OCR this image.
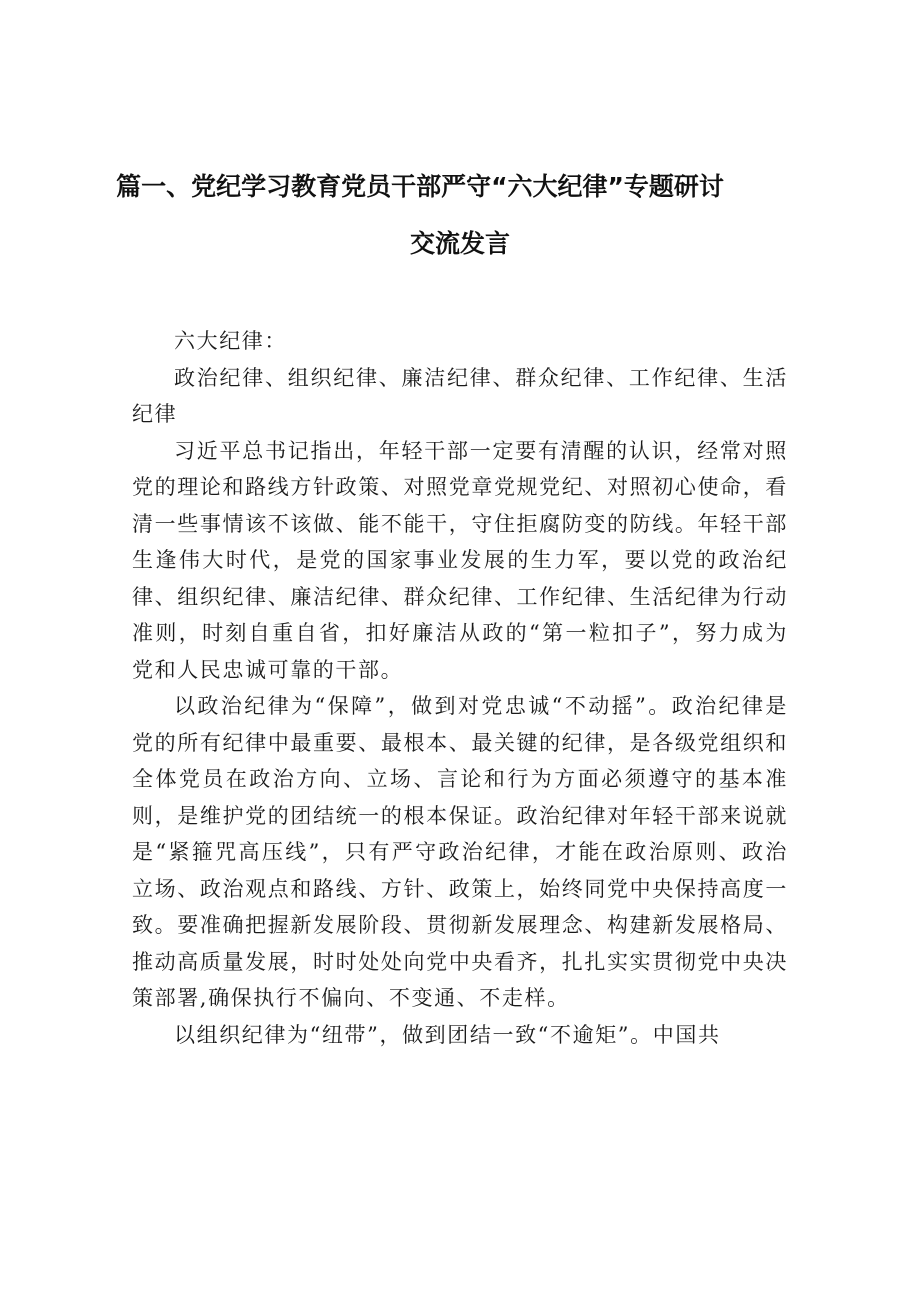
篇一、党纪学习教育党员干部严守“六大纪律”专题研讨
交流发言

六大纪律：

政治纪律、组织纪律、廉洁纪律、群众纪律、工作纪律、生活纪律

习近平总书记指出，年轻干部一定要有清醒的认识，经常对照党的理论和路线方针政策、对照党章党规党纪、对照初心使命，看清一些事情该不该做、能不能干，守住拒腐防变的防线。年轻干部生逢伟大时代，是党的国家事业发展的生力军，要以党的政治纪律、组织纪律、廉洁纪律、群众纪律、工作纪律、生活纪律为行动准则，时刻自重自省，扣好廉洁从政的“第一粒扣子”，努力成为党和人民忠诚可靠的干部。

以政治纪律为“保障”，做到对党忠诚“不动摇”。政治纪律是党的所有纪律中最重要、最根本、最关键的纪律，是各级党组织和全体党员在政治方向、立场、言论和行为方面必须遵守的基本准则，是维护党的团结统一的根本保证。政治纪律对年轻干部来说就是“紧箍咒高压线”，只有严守政治纪律，才能在政治原则、政治立场、政治观点和路线、方针、政策上，始终同党中央保持高度一致。要准确把握新发展阶段、贯彻新发展理念、构建新发展格局、推动高质量发展，时时处处向党中央看齐，扎扎实实贯彻党中央决策部署,确保执行不偏向、不变通、不走样。

以组织纪律为“纽带”，做到团结一致“不逾矩”。中国共
